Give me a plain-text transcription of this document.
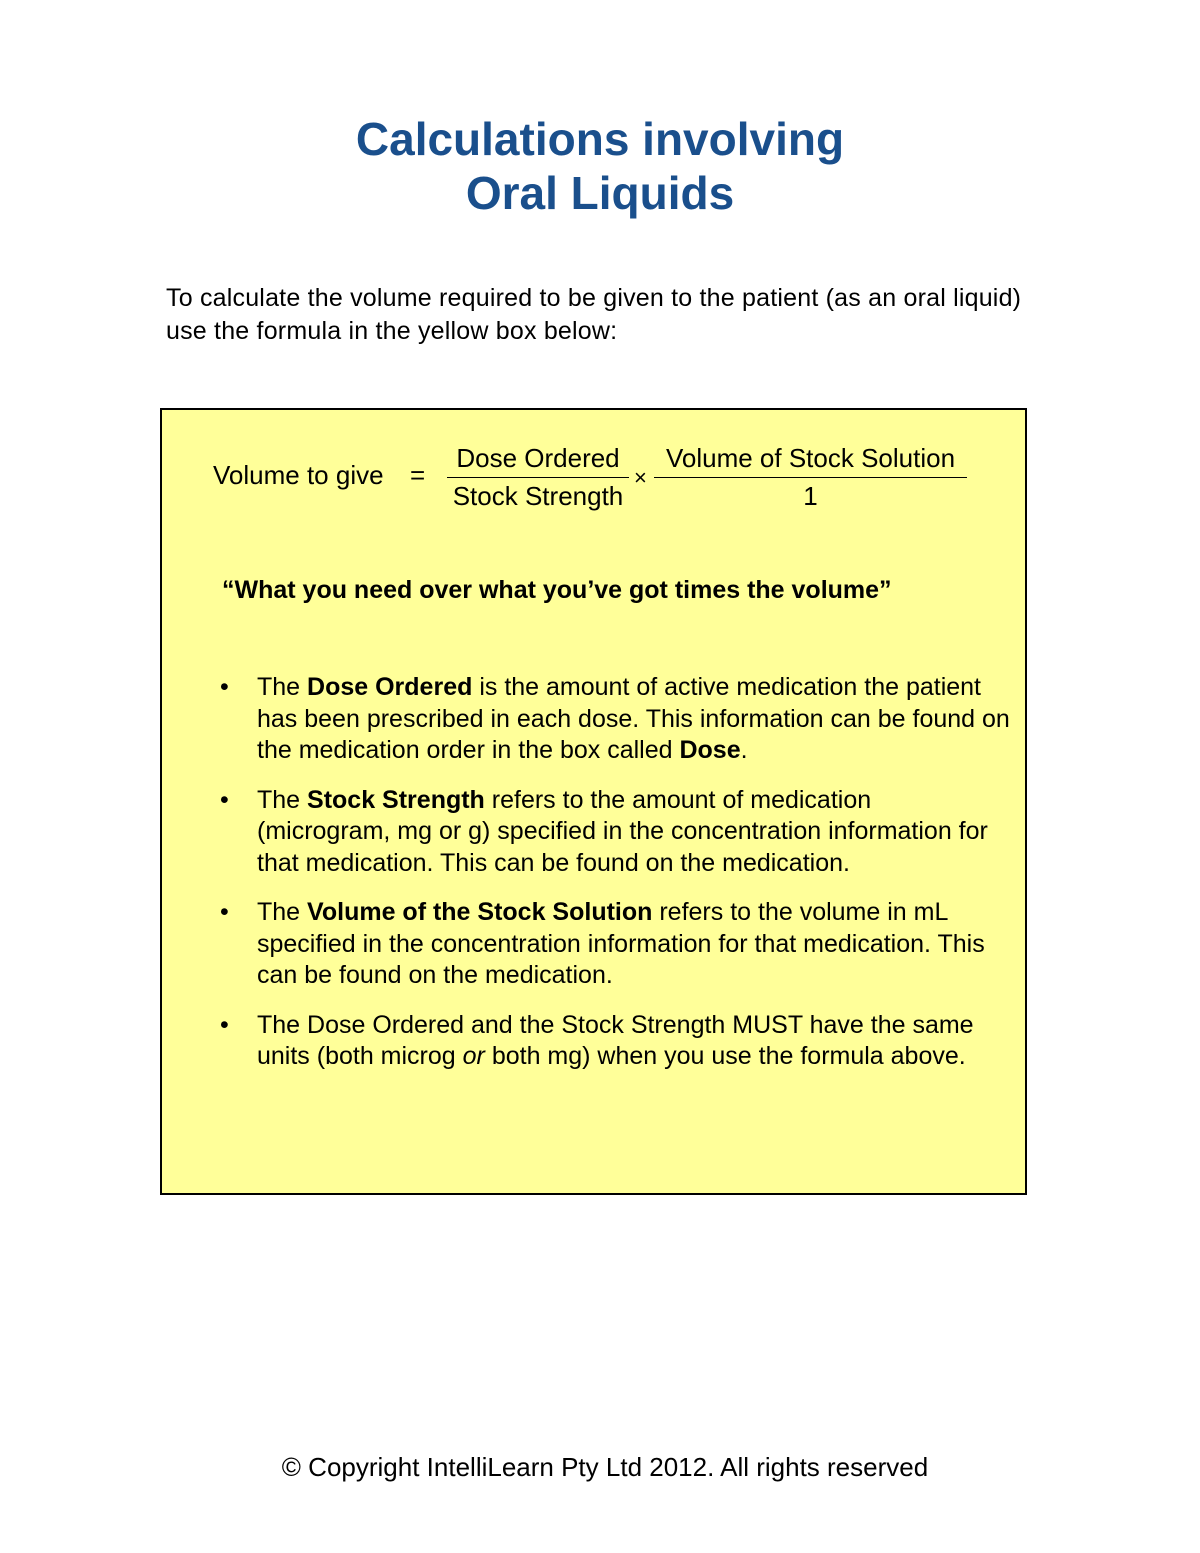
Calculations involving
Oral Liquids
To calculate the volume required to be given to the patient (as an oral liquid) use the formula in the yellow box below:
Volume to give =
Dose Ordered
Stock Strength
×
Volume of Stock Solution
1
“What you need over what you’ve got times the volume”
• The Dose Ordered is the amount of active medication the patient has been prescribed in each dose. This information can be found on the medication order in the box called Dose.
• The Stock Strength refers to the amount of medication (microgram, mg or g) specified in the concentration information for that medication. This can be found on the medication.
• The Volume of the Stock Solution refers to the volume in mL specified in the concentration information for that medication. This can be found on the medication.
• The Dose Ordered and the Stock Strength MUST have the same units (both microg or both mg) when you use the formula above.
© Copyright IntelliLearn Pty Ltd 2012. All rights reserved
